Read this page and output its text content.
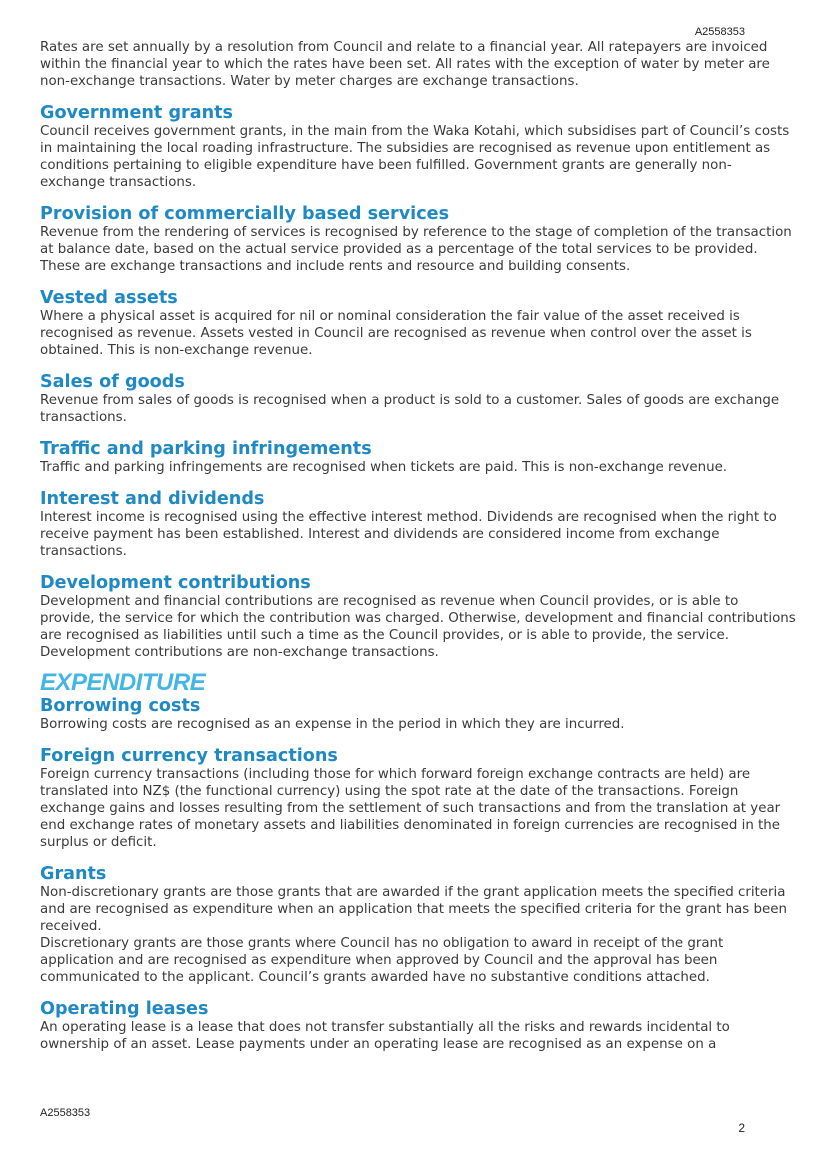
A2558353

Rates are set annually by a resolution from Council and relate to a financial year. All ratepayers are invoiced within the financial year to which the rates have been set. All rates with the exception of water by meter are non-exchange transactions. Water by meter charges are exchange transactions.

Government grants

Council receives government grants, in the main from the Waka Kotahi, which subsidises part of Council’s costs in maintaining the local roading infrastructure. The subsidies are recognised as revenue upon entitlement as conditions pertaining to eligible expenditure have been fulfilled. Government grants are generally non-exchange transactions.

Provision of commercially based services

Revenue from the rendering of services is recognised by reference to the stage of completion of the transaction at balance date, based on the actual service provided as a percentage of the total services to be provided. These are exchange transactions and include rents and resource and building consents.

Vested assets

Where a physical asset is acquired for nil or nominal consideration the fair value of the asset received is recognised as revenue. Assets vested in Council are recognised as revenue when control over the asset is obtained. This is non-exchange revenue.

Sales of goods

Revenue from sales of goods is recognised when a product is sold to a customer. Sales of goods are exchange transactions.

Traffic and parking infringements

Traffic and parking infringements are recognised when tickets are paid. This is non-exchange revenue.

Interest and dividends

Interest income is recognised using the effective interest method. Dividends are recognised when the right to receive payment has been established. Interest and dividends are considered income from exchange transactions.

Development contributions

Development and financial contributions are recognised as revenue when Council provides, or is able to provide, the service for which the contribution was charged. Otherwise, development and financial contributions are recognised as liabilities until such a time as the Council provides, or is able to provide, the service. Development contributions are non-exchange transactions.

EXPENDITURE
Borrowing costs

Borrowing costs are recognised as an expense in the period in which they are incurred.

Foreign currency transactions

Foreign currency transactions (including those for which forward foreign exchange contracts are held) are translated into NZ$ (the functional currency) using the spot rate at the date of the transactions. Foreign exchange gains and losses resulting from the settlement of such transactions and from the translation at year end exchange rates of monetary assets and liabilities denominated in foreign currencies are recognised in the surplus or deficit.

Grants

Non-discretionary grants are those grants that are awarded if the grant application meets the specified criteria and are recognised as expenditure when an application that meets the specified criteria for the grant has been received.

Discretionary grants are those grants where Council has no obligation to award in receipt of the grant application and are recognised as expenditure when approved by Council and the approval has been communicated to the applicant. Council’s grants awarded have no substantive conditions attached.

Operating leases

An operating lease is a lease that does not transfer substantially all the risks and rewards incidental to ownership of an asset. Lease payments under an operating lease are recognised as an expense on a

A2558353
2
